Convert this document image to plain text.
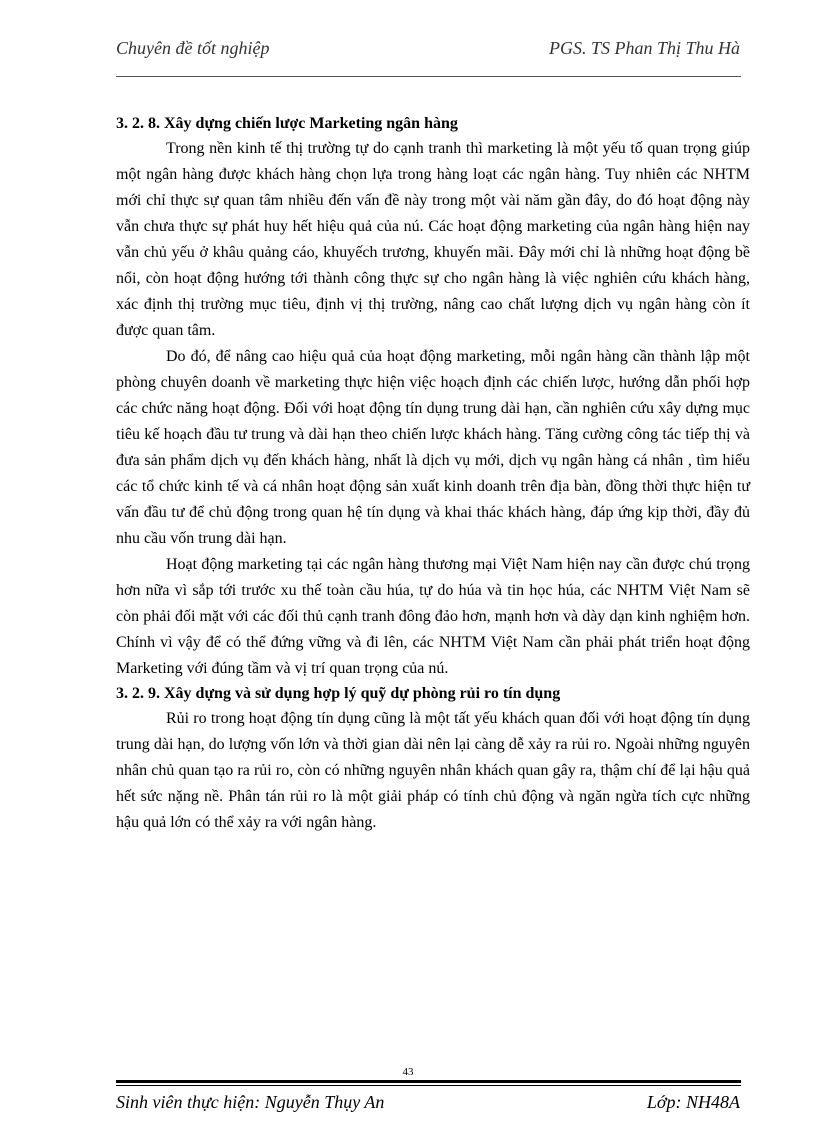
Chuyên đề tốt nghiệp	PGS. TS Phan Thị Thu Hà

3. 2. 8. Xây dựng chiến lược Marketing ngân hàng

Trong nền kinh tế thị trường tự do cạnh tranh thì marketing là một yếu tố quan trọng giúp một ngân hàng được khách hàng chọn lựa trong hàng loạt các ngân hàng. Tuy nhiên các NHTM mới chỉ thực sự quan tâm nhiều đến vấn đề này trong một vài năm gần đây, do đó hoạt động này vẫn chưa thực sự phát huy hết hiệu quả của nú. Các hoạt động marketing của ngân hàng hiện nay vẫn chủ yếu ở khâu quảng cáo, khuyếch trương, khuyến mãi. Đây mới chỉ là những hoạt động bề nổi, còn hoạt động hướng tới thành công thực sự cho ngân hàng là việc nghiên cứu khách hàng, xác định thị trường mục tiêu, định vị thị trường, nâng cao chất lượng dịch vụ ngân hàng còn ít được quan tâm.

Do đó, để nâng cao hiệu quả của hoạt động marketing, mỗi ngân hàng cần thành lập một phòng chuyên doanh về marketing thực hiện việc hoạch định các chiến lược, hướng dẫn phối hợp các chức năng hoạt động. Đối với hoạt động tín dụng trung dài hạn, cần nghiên cứu xây dựng mục tiêu kế hoạch đầu tư trung và dài hạn theo chiến lược khách hàng. Tăng cường công tác tiếp thị và đưa sản phẩm dịch vụ đến khách hàng, nhất là dịch vụ mới, dịch vụ ngân hàng cá nhân , tìm hiểu các tổ chức kinh tế và cá nhân hoạt động sản xuất kinh doanh trên địa bàn, đồng thời thực hiện tư vấn đầu tư để chủ động trong quan hệ tín dụng và khai thác khách hàng, đáp ứng kịp thời, đầy đủ nhu cầu vốn trung dài hạn.

Hoạt động marketing tại các ngân hàng thương mại Việt Nam hiện nay cần được chú trọng hơn nữa vì sắp tới trước xu thế toàn cầu húa, tự do húa và tin học húa, các NHTM Việt Nam sẽ còn phải đối mặt với các đối thủ cạnh tranh đông đảo hơn, mạnh hơn và dày dạn kinh nghiệm hơn. Chính vì vậy để có thể đứng vững và đi lên, các NHTM Việt Nam cần phải phát triển hoạt động Marketing với đúng tầm và vị trí quan trọng của nú.

3. 2. 9. Xây dựng và sử dụng hợp lý quỹ dự phòng rủi ro tín dụng

Rủi ro trong hoạt động tín dụng cũng là một tất yếu khách quan đối với hoạt động tín dụng trung dài hạn, do lượng vốn lớn và thời gian dài nên lại càng dễ xảy ra rủi ro. Ngoài những nguyên nhân chủ quan tạo ra rủi ro, còn có những nguyên nhân khách quan gây ra, thậm chí để lại hậu quả hết sức nặng nề. Phân tán rủi ro là một giải pháp có tính chủ động và ngăn ngừa tích cực những hậu quả lớn có thể xảy ra với ngân hàng.

43
Sinh viên thực hiện: Nguyễn Thụy An	Lớp: NH48A
